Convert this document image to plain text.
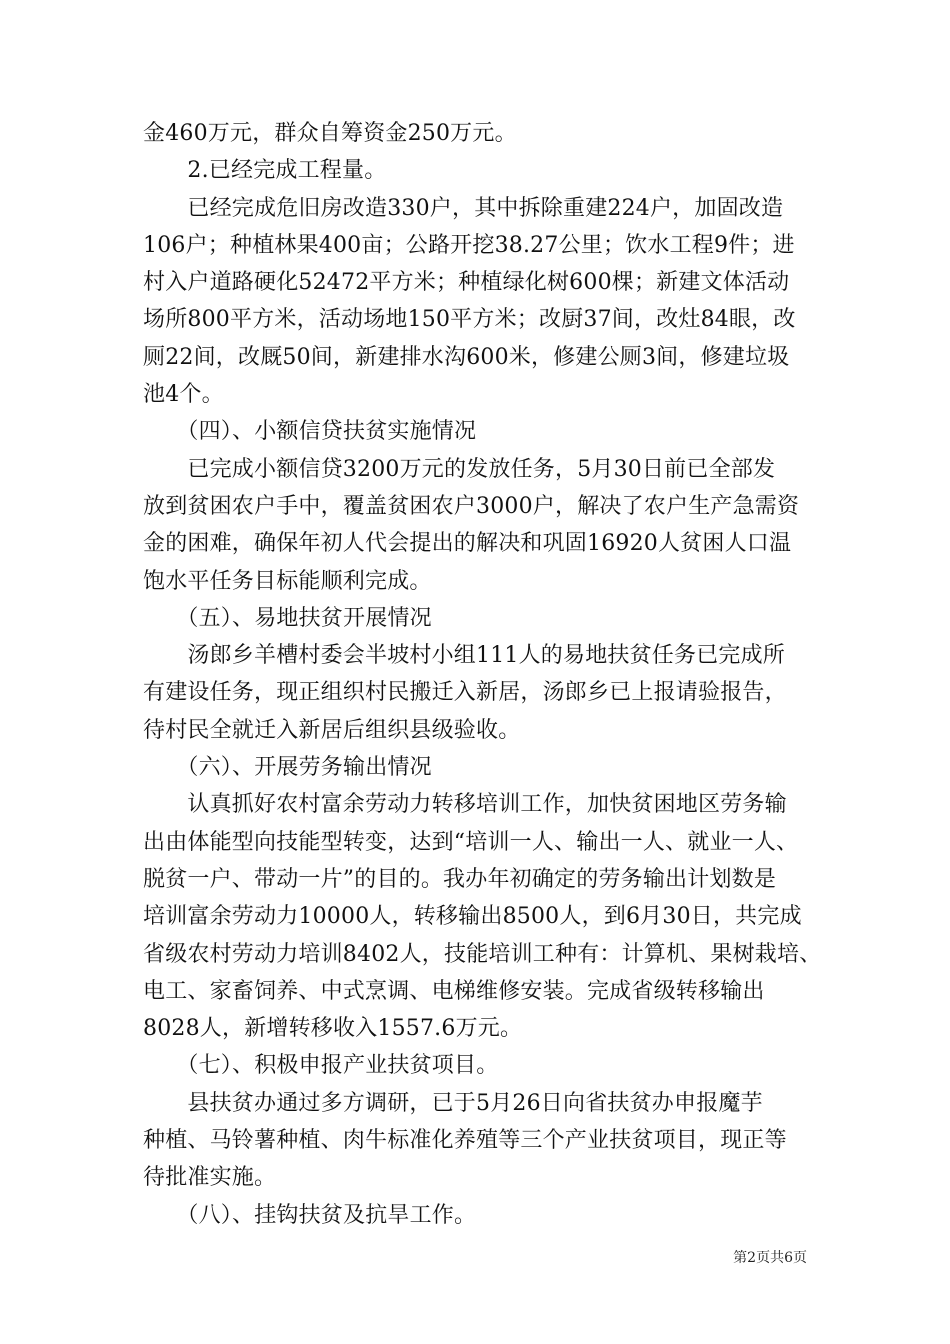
金460万元，群众自筹资金250万元。
　　2.已经完成工程量。
　　已经完成危旧房改造330户，其中拆除重建224户，加固改造
106户；种植林果400亩；公路开挖38.27公里；饮水工程9件；进
村入户道路硬化52472平方米；种植绿化树600棵；新建文体活动
场所800平方米，活动场地150平方米；改厨37间，改灶84眼，改
厕22间，改厩50间，新建排水沟600米，修建公厕3间，修建垃圾
池4个。
　　（四）、小额信贷扶贫实施情况
　　已完成小额信贷3200万元的发放任务，5月30日前已全部发
放到贫困农户手中，覆盖贫困农户3000户，解决了农户生产急需资
金的困难，确保年初人代会提出的解决和巩固16920人贫困人口温
饱水平任务目标能顺利完成。
　　（五）、易地扶贫开展情况
　　汤郎乡羊槽村委会半坡村小组111人的易地扶贫任务已完成所
有建设任务，现正组织村民搬迁入新居，汤郎乡已上报请验报告，
待村民全就迁入新居后组织县级验收。
　　（六）、开展劳务输出情况
　　认真抓好农村富余劳动力转移培训工作，加快贫困地区劳务输
出由体能型向技能型转变，达到“培训一人、输出一人、就业一人、
脱贫一户、带动一片”的目的。我办年初确定的劳务输出计划数是
培训富余劳动力10000人，转移输出8500人，到6月30日，共完成
省级农村劳动力培训8402人，技能培训工种有：计算机、果树栽培、
电工、家畜饲养、中式烹调、电梯维修安装。完成省级转移输出
8028人，新增转移收入1557.6万元。
　　（七）、积极申报产业扶贫项目。
　　县扶贫办通过多方调研，已于5月26日向省扶贫办申报魔芋
种植、马铃薯种植、肉牛标准化养殖等三个产业扶贫项目，现正等
待批准实施。
　　（八）、挂钩扶贫及抗旱工作。
第2页共6页
